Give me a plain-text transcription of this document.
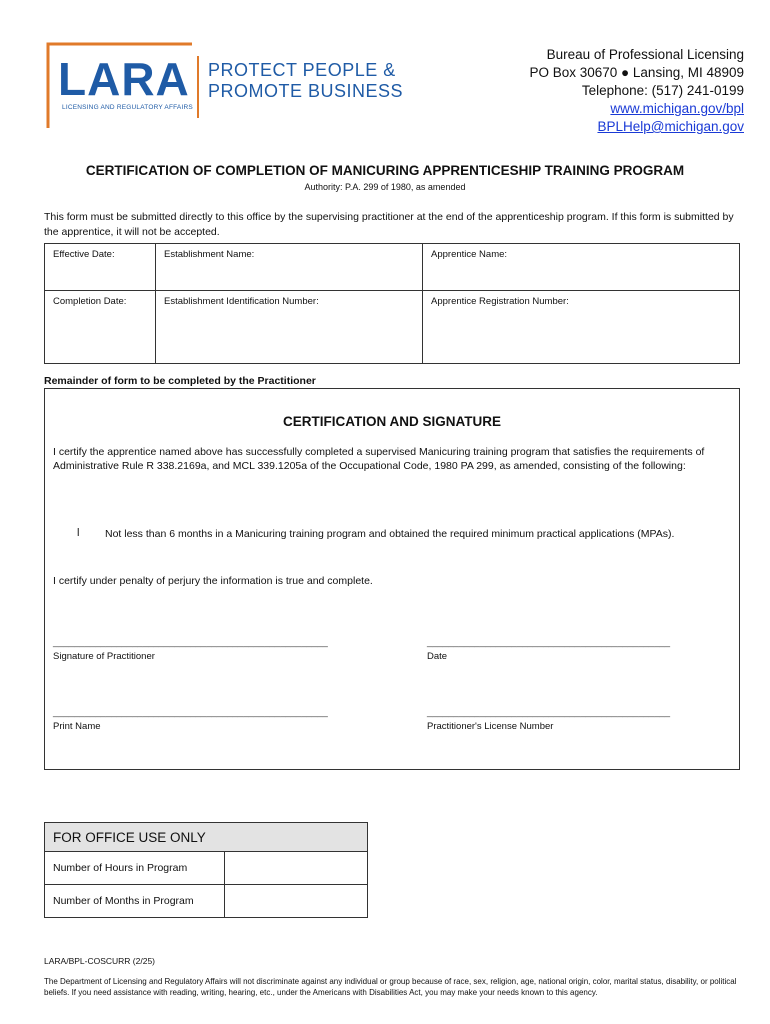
LARA
LICENSING AND REGULATORY AFFAIRS
PROTECT PEOPLE &
PROMOTE BUSINESS
Bureau of Professional Licensing
PO Box 30670 ● Lansing, MI 48909
Telephone: (517) 241-0199
www.michigan.gov/bpl
BPLHelp@michigan.gov
CERTIFICATION OF COMPLETION OF MANICURING APPRENTICESHIP TRAINING PROGRAM
Authority: P.A. 299 of 1980, as amended
This form must be submitted directly to this office by the supervising practitioner at the end of the apprenticeship program. If this form is submitted by the apprentice, it will not be accepted.
Effective Date:	Establishment Name:	Apprentice Name:
Completion Date:	Establishment Identification Number:	Apprentice Registration Number:
Remainder of form to be completed by the Practitioner
CERTIFICATION AND SIGNATURE
I certify the apprentice named above has successfully completed a supervised Manicuring training program that satisfies the requirements of Administrative Rule R 338.2169a, and MCL 339.1205a of the Occupational Code, 1980 PA 299, as amended, consisting of the following:
l Not less than 6 months in a Manicuring training program and obtained the required minimum practical applications (MPAs).
I certify under penalty of perjury the information is true and complete.
____________________________________________________
Signature of Practitioner
______________________________________________
Date
____________________________________________________
Print Name
______________________________________________
Practitioner's License Number
FOR OFFICE USE ONLY	
Number of Hours in Program	
Number of Months in Program	
LARA/BPL-COSCURR (2/25)
The Department of Licensing and Regulatory Affairs will not discriminate against any individual or group because of race, sex, religion, age, national origin, color, marital status, disability, or political beliefs. If you need assistance with reading, writing, hearing, etc., under the Americans with Disabilities Act, you may make your needs known to this agency.
